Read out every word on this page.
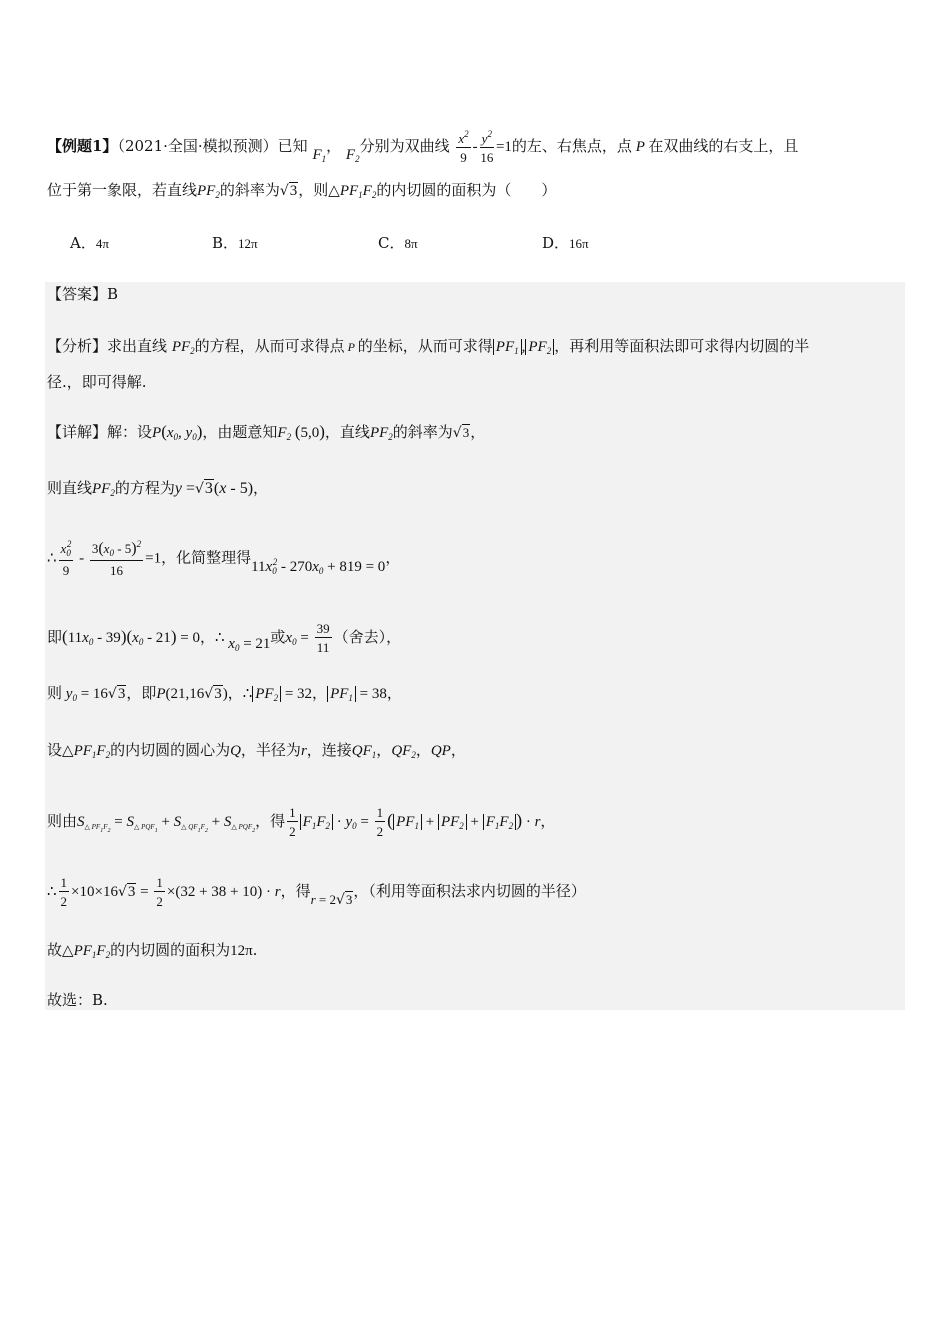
【例题1】（2021·全国·模拟预测）已知 $F_1$， $F_2$分别为双曲线 $\frac{x^2}{9} - \frac{y^2}{16} =1$的左、右焦点，点 P 在双曲线的右支上，且
位于第一象限，若直线$PF_2$的斜率为√3，则$\triangle PF_1F_2$的内切圆的面积为（　　）
A．4π	B．12π	C．8π	D．16π
【答案】B
【分析】求出直线 $PF_2$的方程，从而可求得点 P 的坐标，从而可求得 $PF_1$ , $PF_2$ ，再利用等面积法即可求得内切圆的半
径.，即可得解.
【详解】解：设$P(x_0$, $y_0$)，由题意知$F_2$ (5,0)，直线$PF_2$的斜率为√3，
则直线$PF_2$的方程为y =√3(x - 5)，
∴ $\frac{x_0^2}{9} - \frac{3(x_0 - 5)^2}{16} =1$，化简整理得$11x_0^2 - 270x_0 + 819 = 0$，
即$(11x_0 - 39)(x_0 - 21) = 0$，∴ $x_0 = 21$或$x_0 = \frac{39}{11}$ （舍去），
则 $y_0 = 16√3$，即P(21,16√3)，∴ $PF_2 = 32$， $PF_1 = 38$，
设$\triangle PF_1F_2$的内切圆的圆心为Q，半径为r，连接$QF_1$，$QF_2$，QP，
则由$S_{\triangle PF_1F_2} = S_{\triangle PQF_1} + S_{\triangle QF_1F_2} + S_{\triangle PQF_2}$，得 $\frac{1}{2} F_1F_2 \cdot y_0 = \frac{1}{2}$ ( $PF_1 + PF_2 + F_1F_2$ ) · r，
∴ $\frac{1}{2} \times 10\times 16√3 = \frac{1}{2} \times(32 + 38 + 10) \cdot r$，得r = 2√3，（利用等面积法求内切圆的半径）
故$\triangle PF_1F_2$的内切圆的面积为12π.
故选：B.
